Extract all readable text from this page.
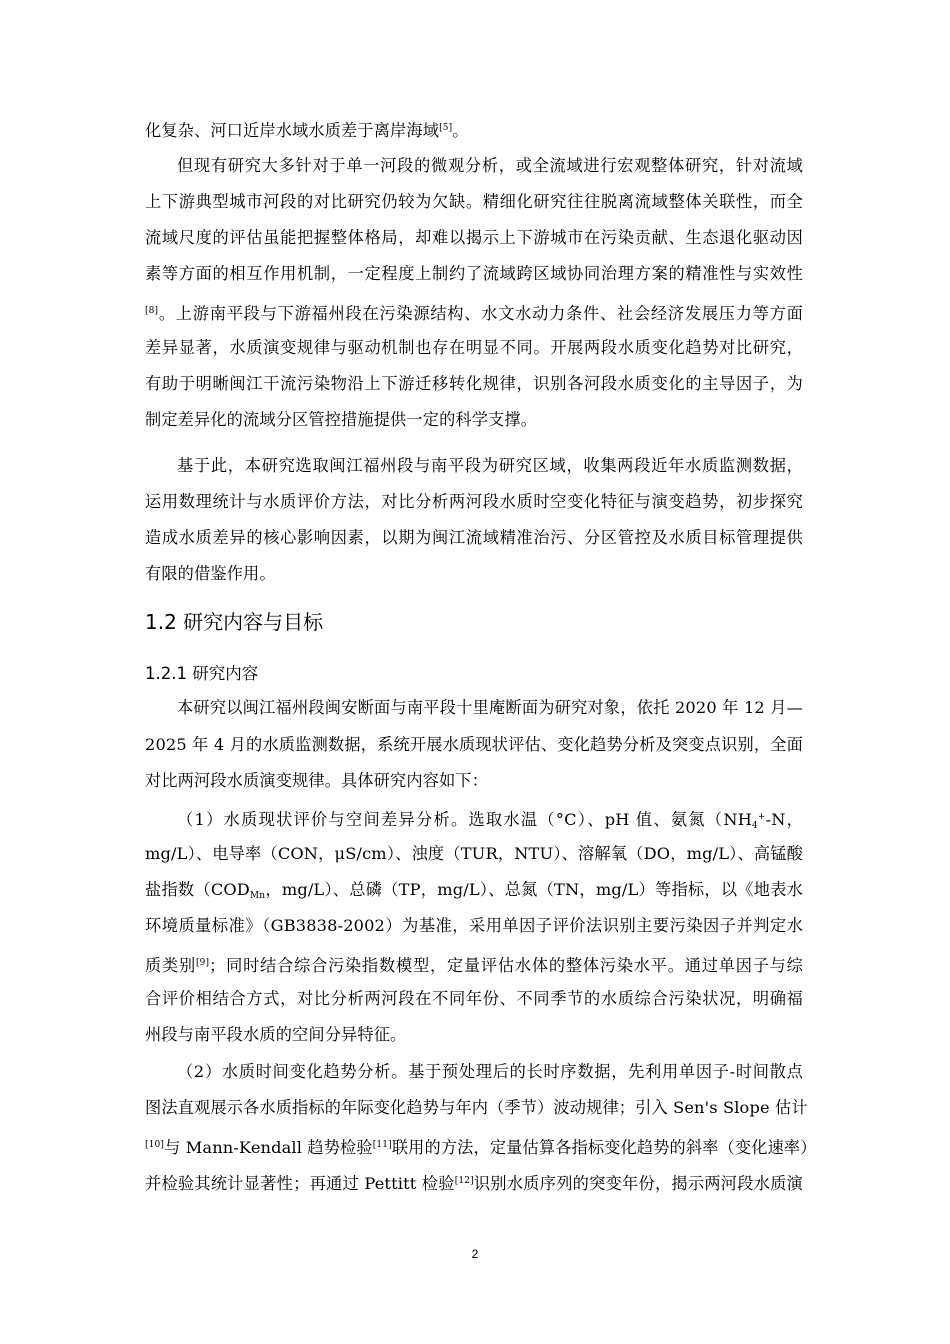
化复杂、河口近岸水域水质差于离岸海域[5]。
但现有研究大多针对于单一河段的微观分析，或全流域进行宏观整体研究，针对流域
上下游典型城市河段的对比研究仍较为欠缺。精细化研究往往脱离流域整体关联性，而全
流域尺度的评估虽能把握整体格局，却难以揭示上下游城市在污染贡献、生态退化驱动因
素等方面的相互作用机制，一定程度上制约了流域跨区域协同治理方案的精准性与实效性
[8]。上游南平段与下游福州段在污染源结构、水文水动力条件、社会经济发展压力等方面
差异显著，水质演变规律与驱动机制也存在明显不同。开展两段水质变化趋势对比研究，
有助于明晰闽江干流污染物沿上下游迁移转化规律，识别各河段水质变化的主导因子，为
制定差异化的流域分区管控措施提供一定的科学支撑。
基于此，本研究选取闽江福州段与南平段为研究区域，收集两段近年水质监测数据，
运用数理统计与水质评价方法，对比分析两河段水质时空变化特征与演变趋势，初步探究
造成水质差异的核心影响因素，以期为闽江流域精准治污、分区管控及水质目标管理提供
有限的借鉴作用。
本研究以闽江福州段闽安断面与南平段十里庵断面为研究对象，依托 2020 年 12 月—
2025 年 4 月的水质监测数据，系统开展水质现状评估、变化趋势分析及突变点识别，全面
对比两河段水质演变规律。具体研究内容如下：
（1）水质现状评价与空间差异分析。选取水温（°C）、pH 值、氨氮（$NH_4^+-N$，
mg/L）、电导率（CON，μS/cm）、浊度（TUR，NTU）、溶解氧（DO，mg/L）、高锰酸
盐指数（$COD_{Mn}$，mg/L）、总磷（TP，mg/L）、总氮（TN，mg/L）等指标，以《地表水
环境质量标准》（GB3838-2002）为基准，采用单因子评价法识别主要污染因子并判定水
质类别[9]；同时结合综合污染指数模型，定量评估水体的整体污染水平。通过单因子与综
合评价相结合方式，对比分析两河段在不同年份、不同季节的水质综合污染状况，明确福
州段与南平段水质的空间分异特征。
（2）水质时间变化趋势分析。基于预处理后的长时序数据，先利用单因子-时间散点
图法直观展示各水质指标的年际变化趋势与年内（季节）波动规律；引入 Sen's Slope 估计
[10]与 Mann-Kendall 趋势检验[11]联用的方法，定量估算各指标变化趋势的斜率（变化速率）
并检验其统计显著性；再通过 Pettitt 检验[12]识别水质序列的突变年份，揭示两河段水质演
1.2 研究内容与目标
1.2.1 研究内容
2
